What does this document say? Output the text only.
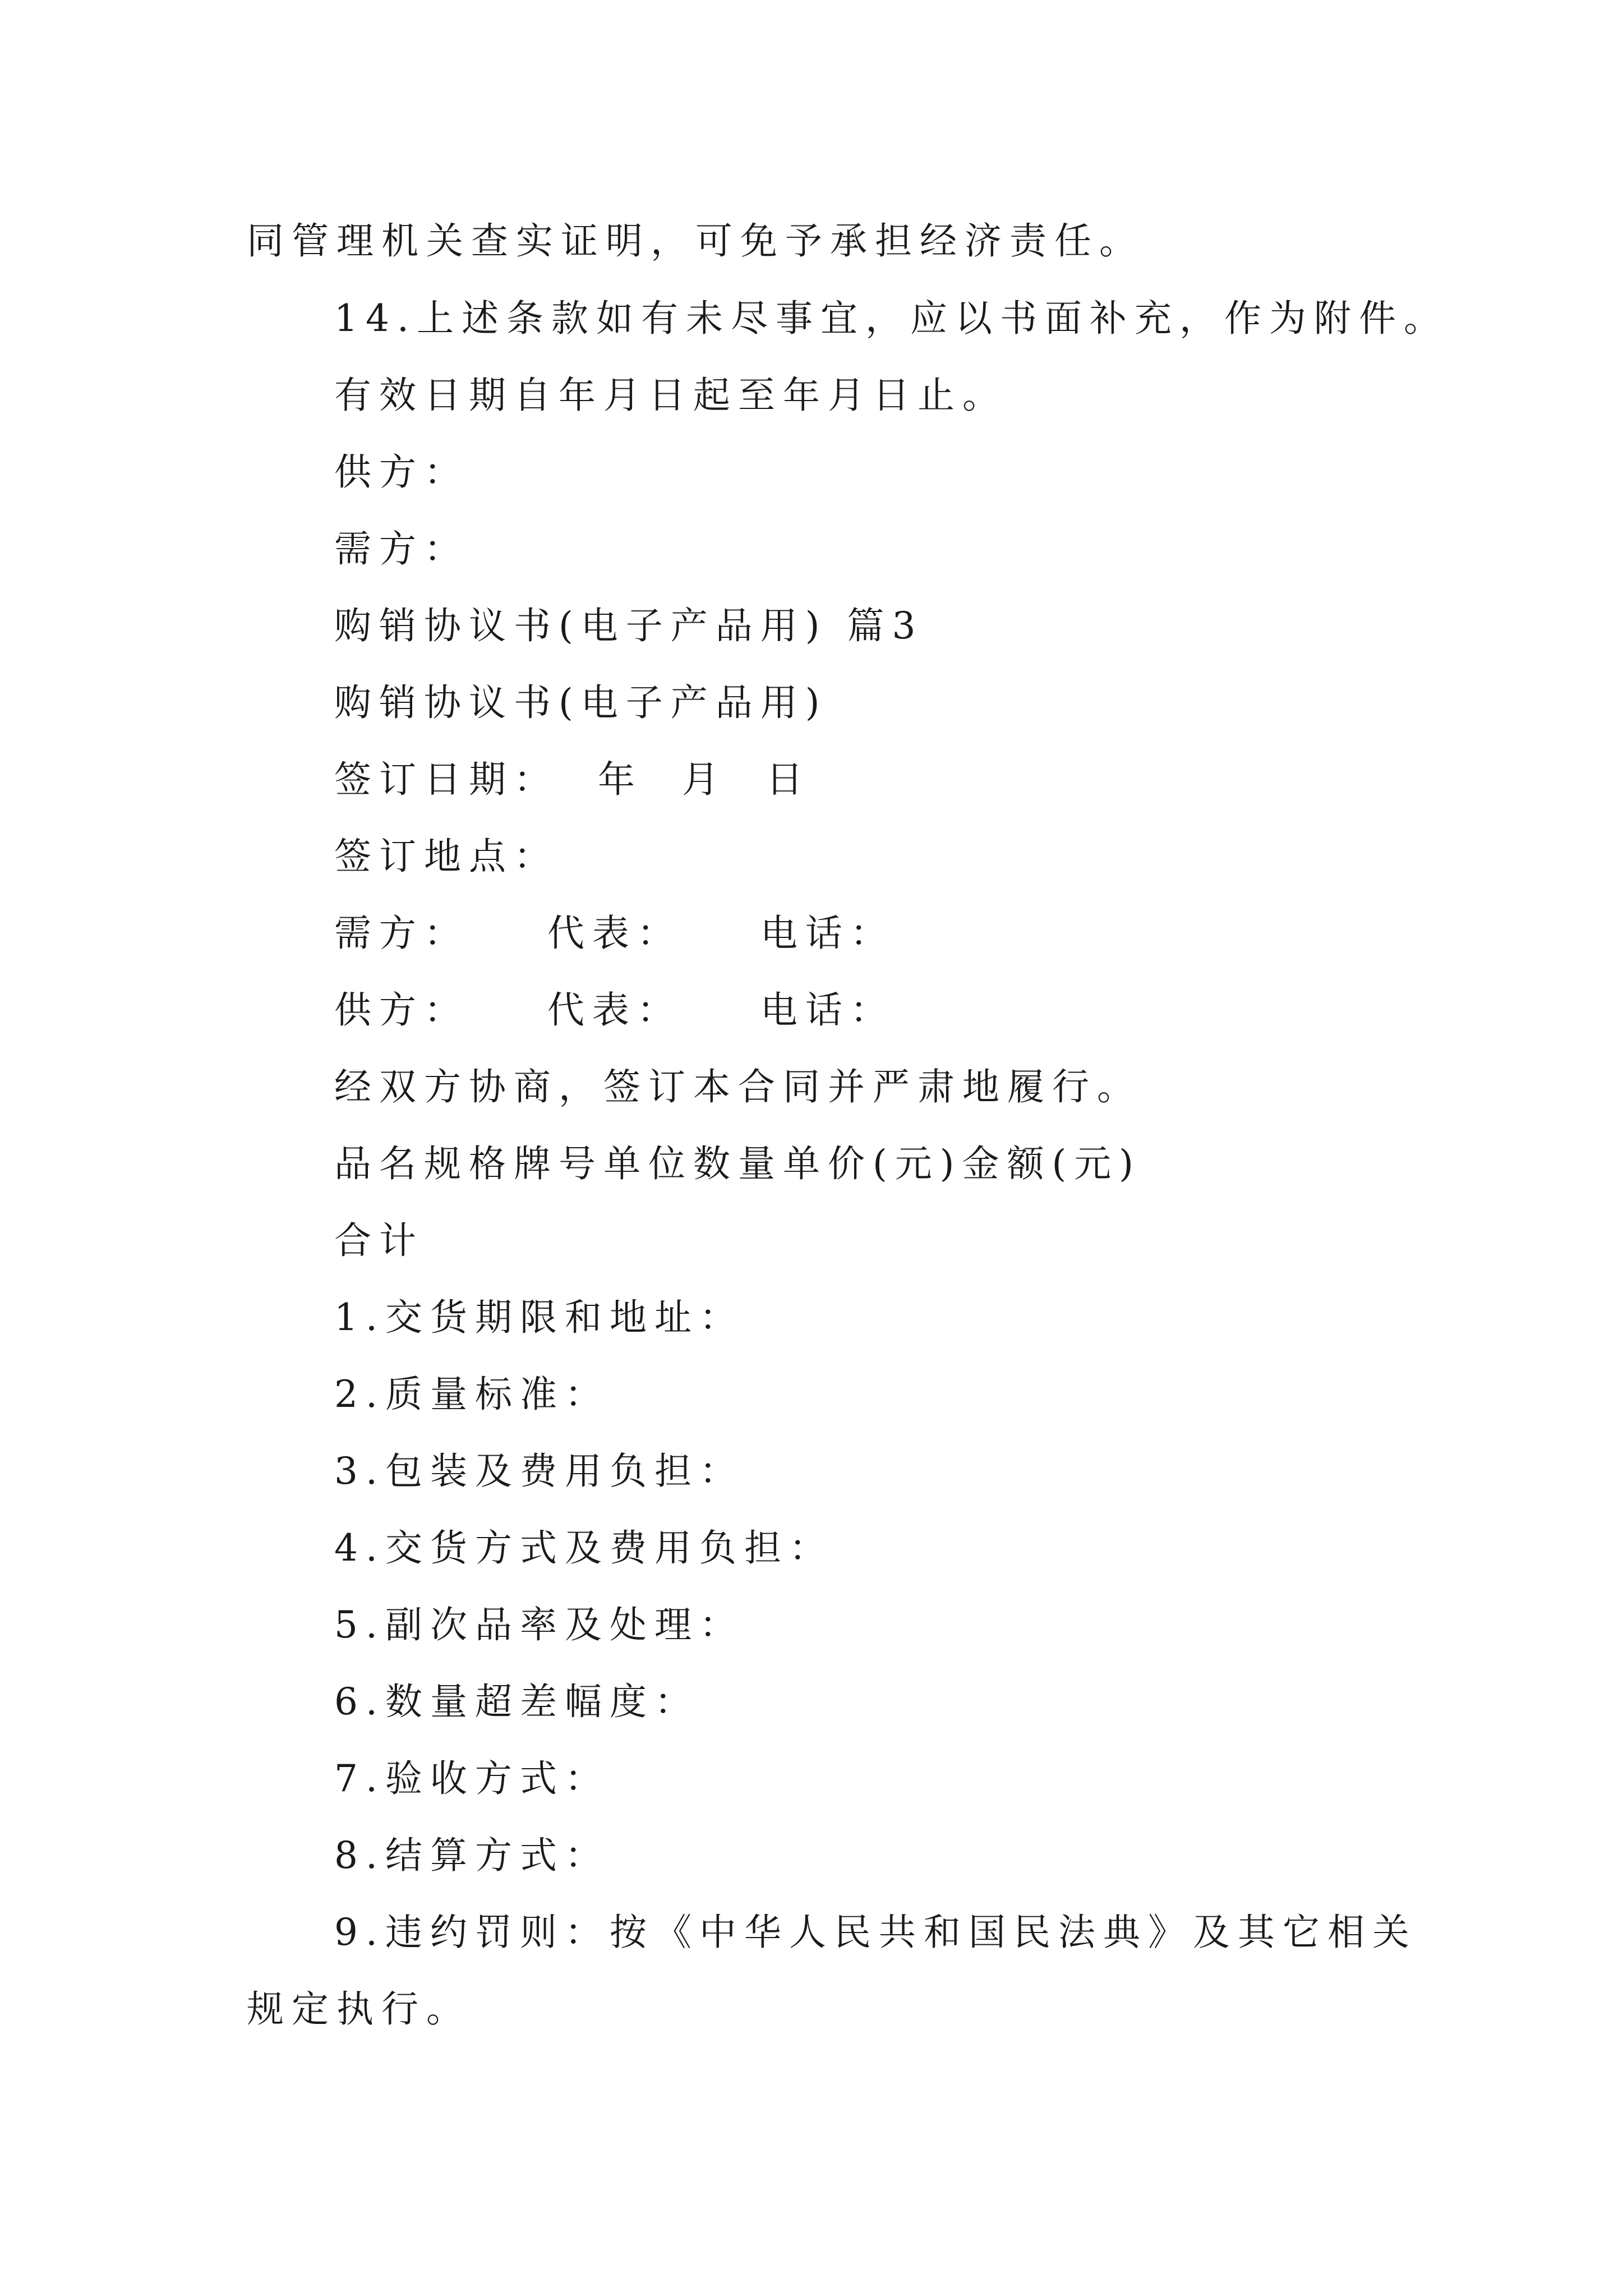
同管理机关查实证明，可免予承担经济责任。
14.上述条款如有未尽事宜，应以书面补充，作为附件。
有效日期自年月日起至年月日止。
供方：
需方：
购销协议书(电子产品用) 篇3
购销协议书(电子产品用)
签订日期：  年  月  日
签订地点：
需方：    代表：    电话：
供方：    代表：    电话：
经双方协商，签订本合同并严肃地履行。
品名规格牌号单位数量单价(元)金额(元)
合计
1.交货期限和地址：
2.质量标准：
3.包装及费用负担：
4.交货方式及费用负担：
5.副次品率及处理：
6.数量超差幅度：
7.验收方式：
8.结算方式：
9.违约罚则：按《中华人民共和国民法典》及其它相关
规定执行。
